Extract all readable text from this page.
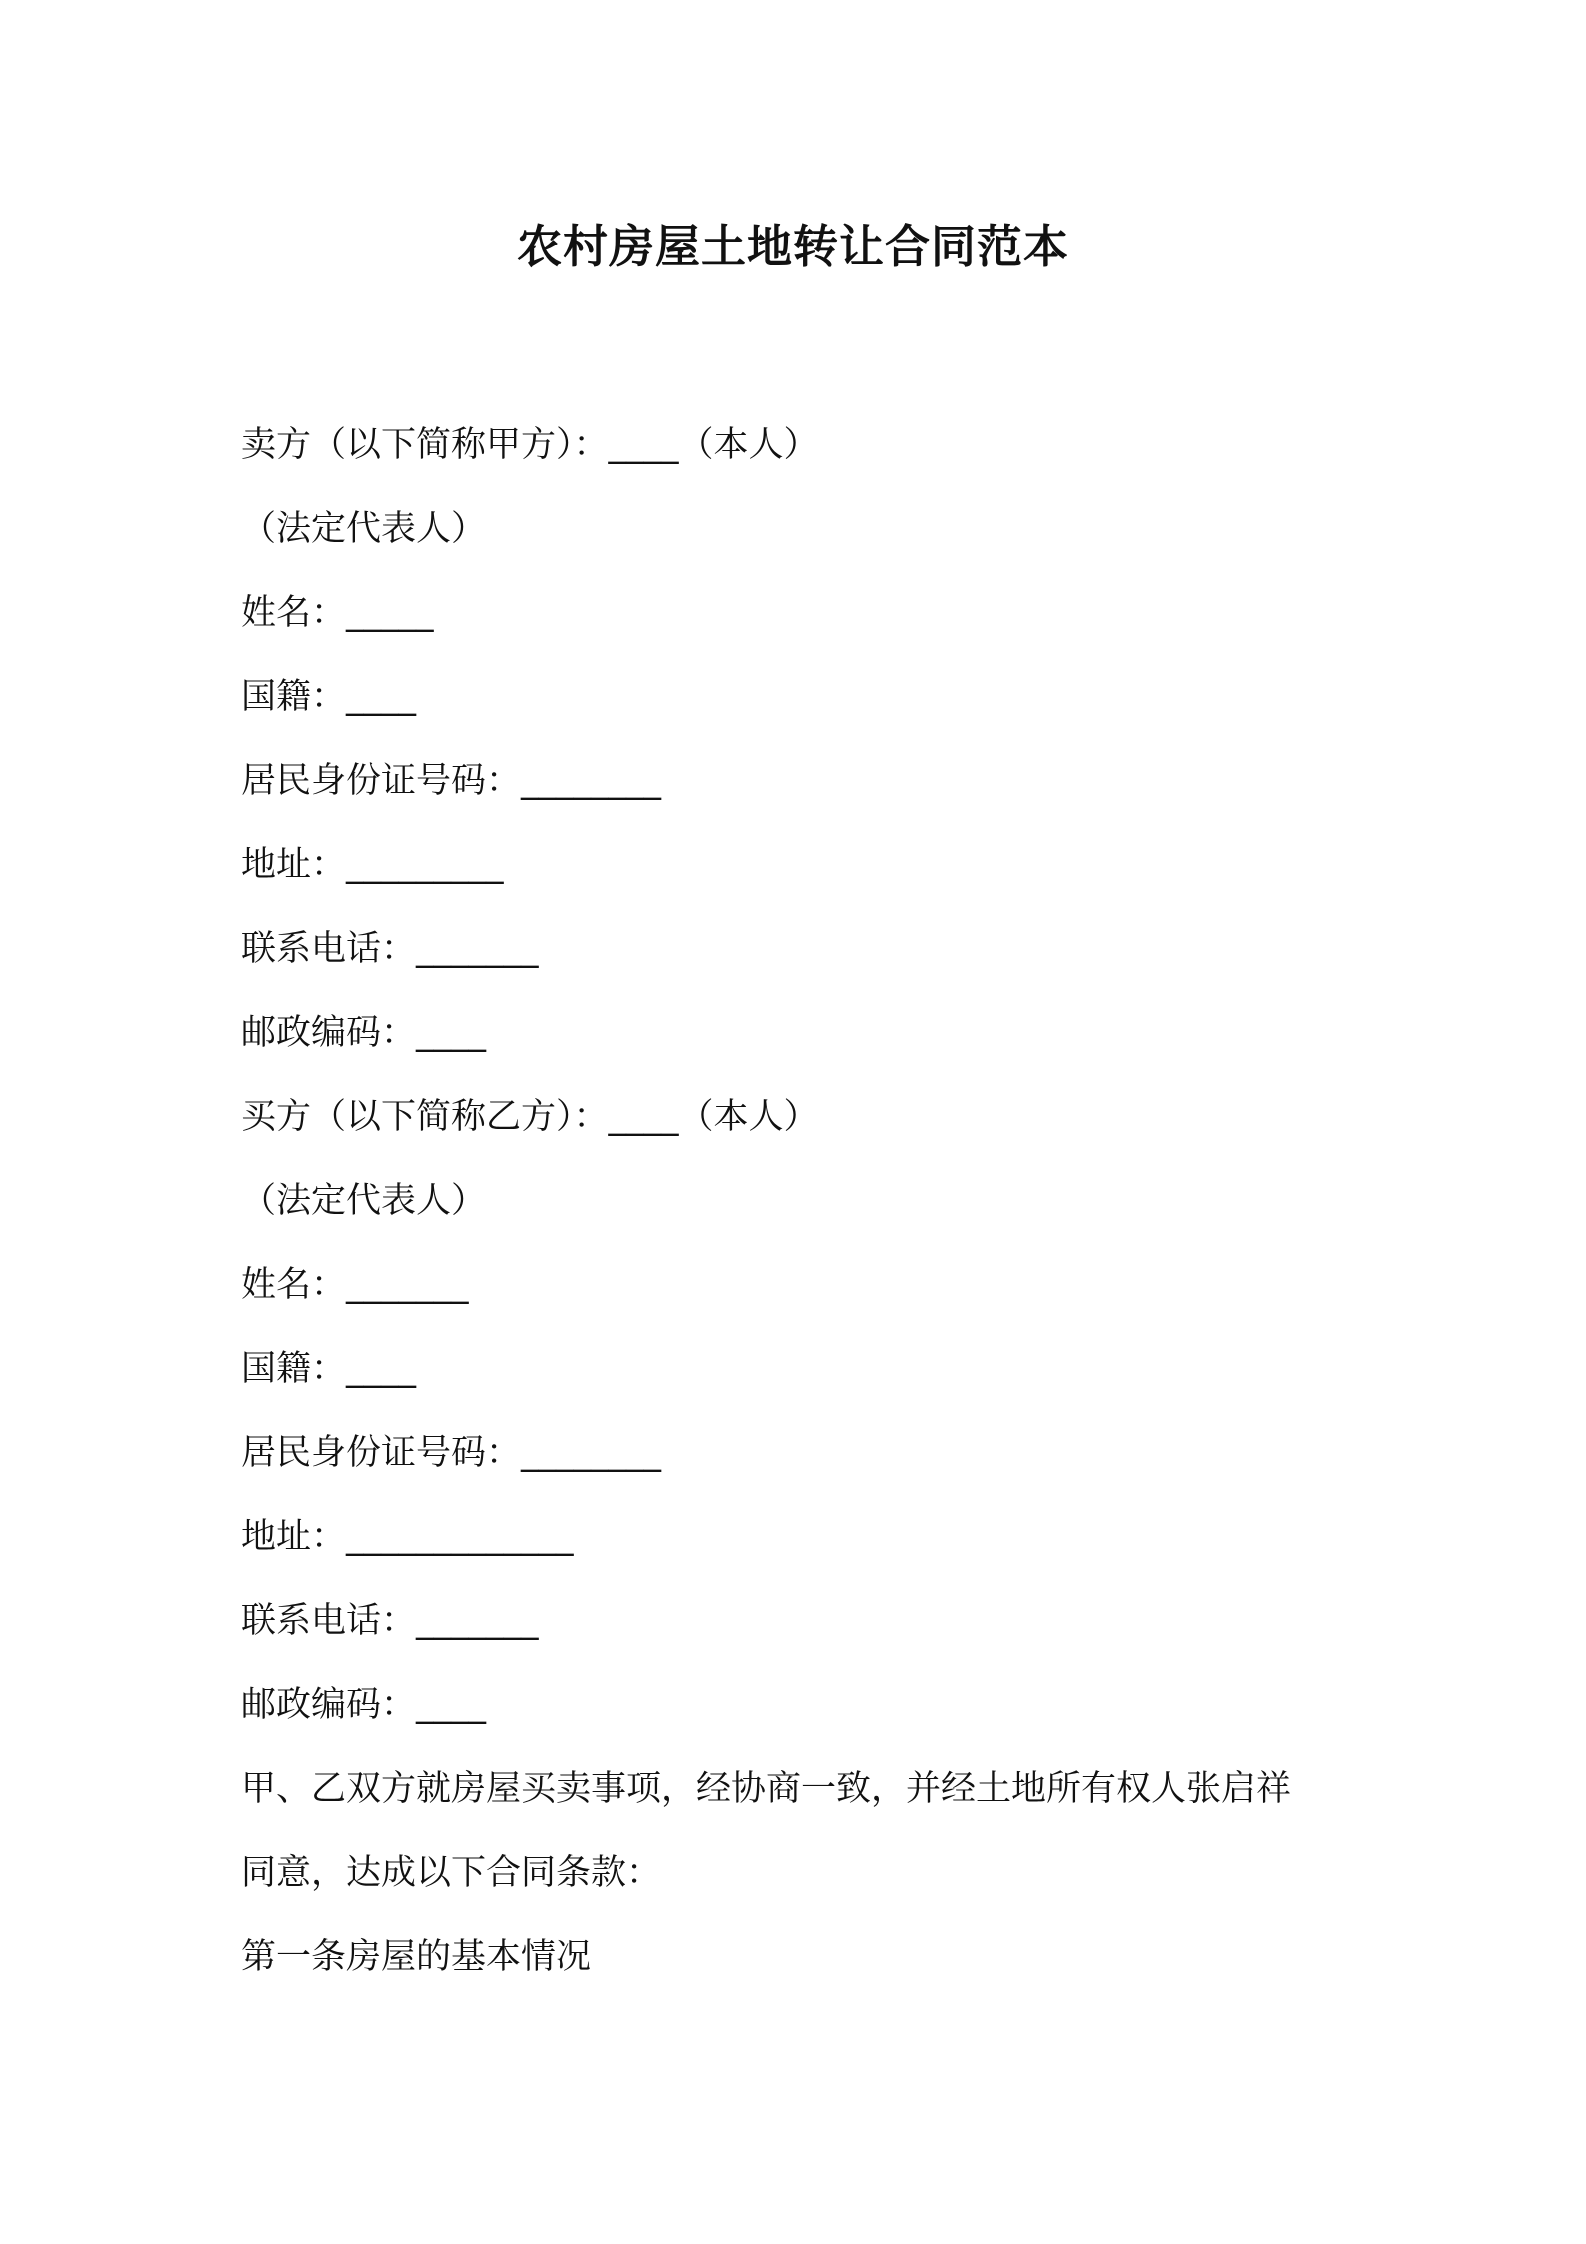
农村房屋土地转让合同范本
卖方（以下简称甲方）：____（本人）
（法定代表人）
姓名：_____
国籍：____
居民身份证号码：________
地址：_________
联系电话：_______
邮政编码：____
买方（以下简称乙方）：____（本人）
（法定代表人）
姓名：_______
国籍：____
居民身份证号码：________
地址：_____________
联系电话：_______
邮政编码：____
甲、乙双方就房屋买卖事项，经协商一致，并经土地所有权人张启祥
同意，达成以下合同条款：
第一条房屋的基本情况
